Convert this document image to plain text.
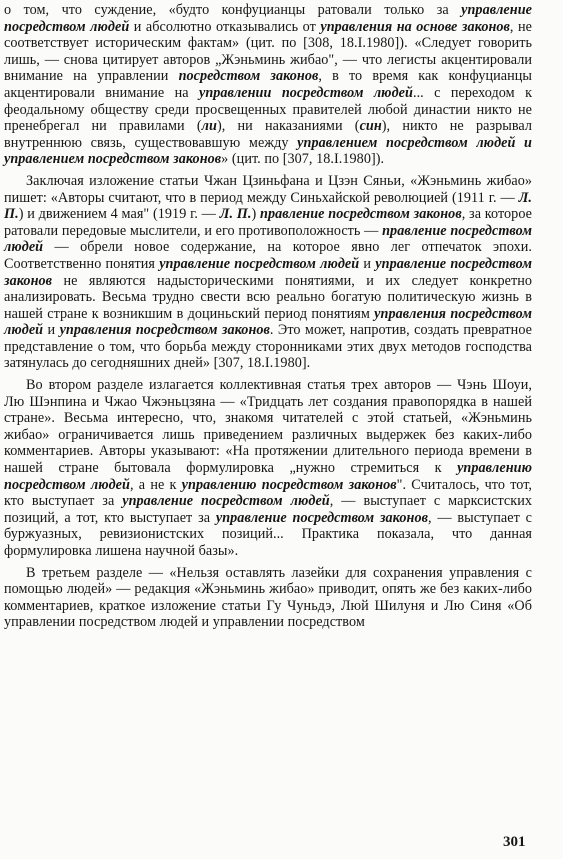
о том, что суждение, «будто конфуцианцы ратовали только за управление посредством людей и абсолютно отказывались от управления на основе законов, не соответствует историческим фактам» (цит. по [308, 18.I.1980]). «Следует говорить лишь, — снова цитирует авторов „Жэньминь жибао", — что легисты акцентировали внимание на управлении посредством законов, в то время как конфуцианцы акцентировали внимание на управлении посредством людей... с переходом к феодальному обществу среди просвещенных правителей любой династии никто не пренебрегал ни правилами (ли), ни наказаниями (син), никто не разрывал внутреннюю связь, существовавшую между управлением посредством людей и управлением посредством законов» (цит. по [307, 18.I.1980]).

Заключая изложение статьи Чжан Цзиньфана и Цзэн Сяньи, «Жэньминь жибао» пишет: «Авторы считают, что в период между Синьхайской революцией (1911 г. — Л. П.) и движением 4 мая" (1919 г. — Л. П.) правление посредством законов, за которое ратовали передовые мыслители, и его противоположность — правление посредством людей — обрели новое содержание, на которое явно лег отпечаток эпохи. Соответственно понятия управление посредством людей и управление посредством законов не являются надысторическими понятиями, и их следует конкретно анализировать. Весьма трудно свести всю реально богатую политическую жизнь в нашей стране к возникшим в доциньский период понятиям управления посредством людей и управления посредством законов. Это может, напротив, создать превратное представление о том, что борьба между сторонниками этих двух методов господства затянулась до сегодняшних дней» [307, 18.I.1980].

Во втором разделе излагается коллективная статья трех авторов — Чэнь Шоуи, Лю Шэнпина и Чжао Чжэньцзяна — «Тридцать лет создания правопорядка в нашей стране». Весьма интересно, что, знакомя читателей с этой статьей, «Жэньминь жибао» ограничивается лишь приведением различных выдержек без каких-либо комментариев. Авторы указывают: «На протяжении длительного периода времени в нашей стране бытовала формулировка „нужно стремиться к управлению посредством людей, а не к управлению посредством законов". Считалось, что тот, кто выступает за управление посредством людей, — выступает с марксистских позиций, а тот, кто выступает за управление посредством законов, — выступает с буржуазных, ревизионистских позиций... Практика показала, что данная формулировка лишена научной базы».

В третьем разделе — «Нельзя оставлять лазейки для сохранения управления с помощью людей» — редакция «Жэньминь жибао» приводит, опять же без каких-либо комментариев, краткое изложение статьи Гу Чуньдэ, Люй Шилуня и Лю Синя «Об управлении посредством людей и управлении посредством

301
